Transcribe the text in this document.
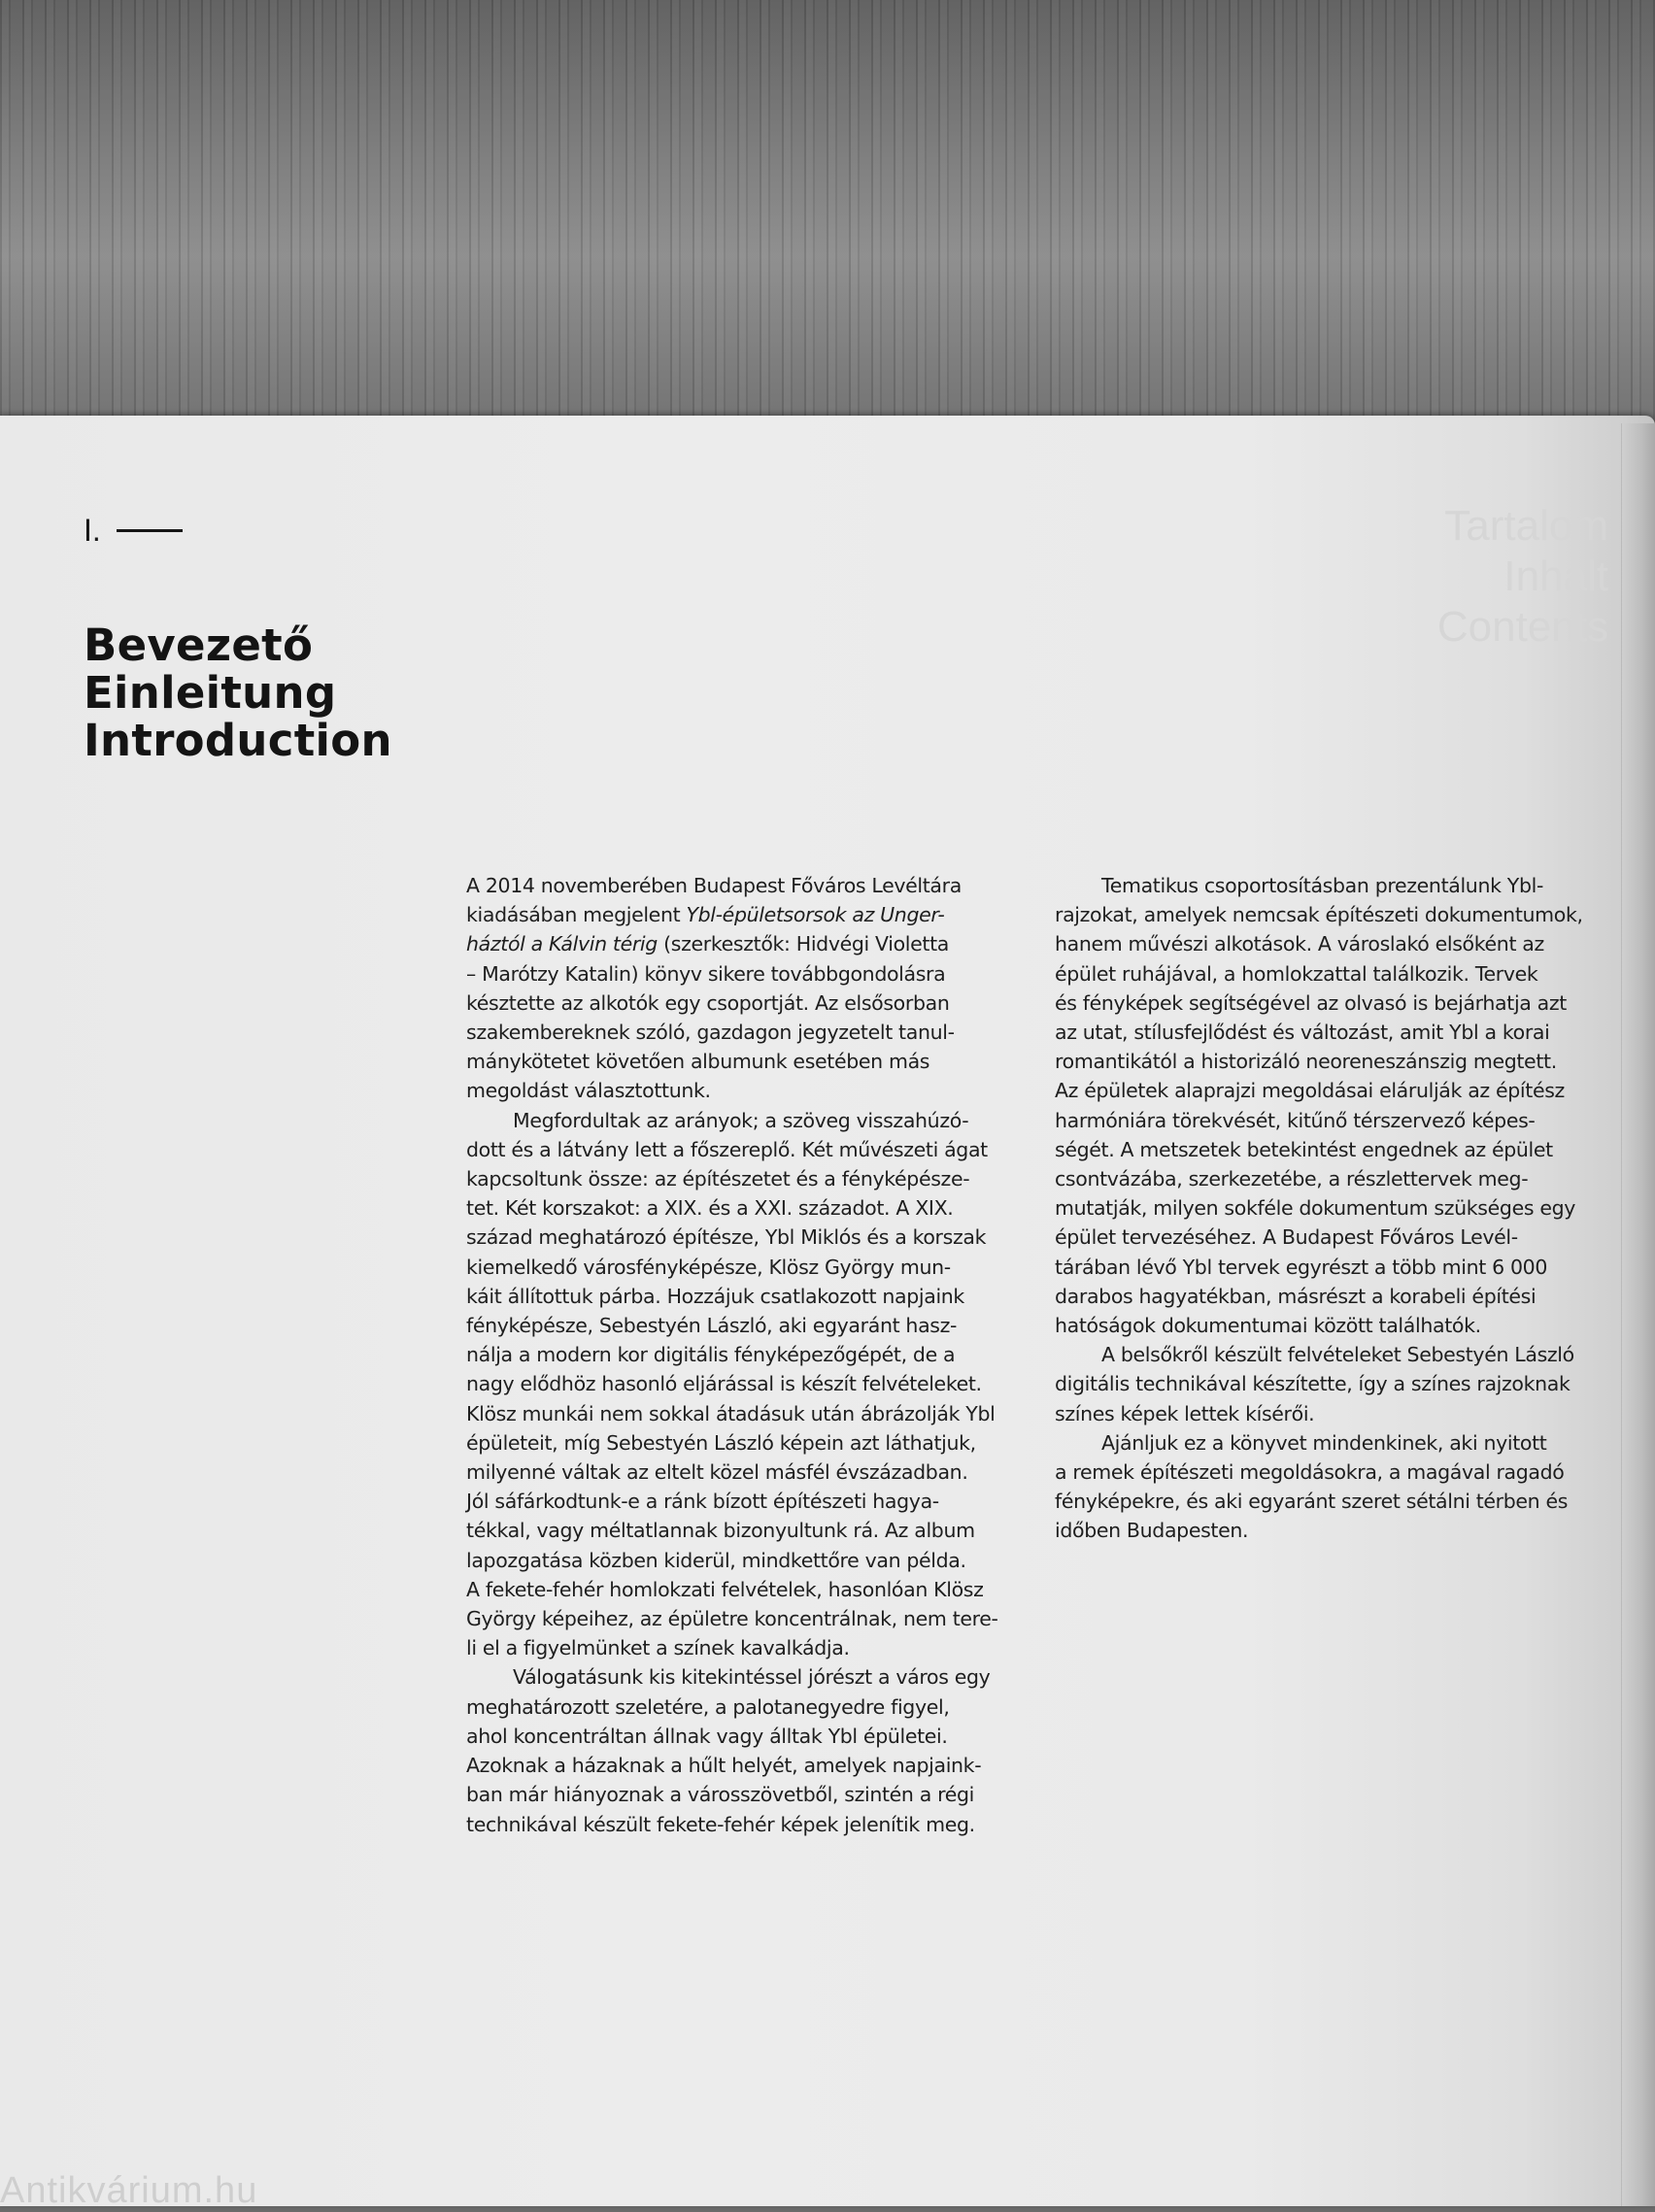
Tartalom
Inhalt
Contents
I.
Bevezető
Einleitung
Introduction

A 2014 novemberében Budapest Főváros Levéltára
kiadásában megjelent Ybl-épületsorsok az Unger-
háztól a Kálvin térig (szerkesztők: Hidvégi Violetta
– Marótzy Katalin) könyv sikere továbbgondolásra
késztette az alkotók egy csoportját. Az elsősorban
szakembereknek szóló, gazdagon jegyzetelt tanul-
mánykötetet követően albumunk esetében más
megoldást választottunk.

Megfordultak az arányok; a szöveg visszahúzó-
dott és a látvány lett a főszereplő. Két művészeti ágat
kapcsoltunk össze: az építészetet és a fényképésze-
tet. Két korszakot: a XIX. és a XXI. századot. A XIX.
század meghatározó építésze, Ybl Miklós és a korszak
kiemelkedő városfényképésze, Klösz György mun-
káit állítottuk párba. Hozzájuk csatlakozott napjaink
fényképésze, Sebestyén László, aki egyaránt hasz-
nálja a modern kor digitális fényképezőgépét, de a
nagy elődhöz hasonló eljárással is készít felvételeket.
Klösz munkái nem sokkal átadásuk után ábrázolják Ybl
épületeit, míg Sebestyén László képein azt láthatjuk,
milyenné váltak az eltelt közel másfél évszázadban.
Jól sáfárkodtunk-e a ránk bízott építészeti hagya-
tékkal, vagy méltatlannak bizonyultunk rá. Az album
lapozgatása közben kiderül, mindkettőre van példa.
A fekete-fehér homlokzati felvételek, hasonlóan Klösz
György képeihez, az épületre koncentrálnak, nem tere-
li el a figyelmünket a színek kavalkádja.

Válogatásunk kis kitekintéssel jórészt a város egy
meghatározott szeletére, a palotanegyedre figyel,
ahol koncentráltan állnak vagy álltak Ybl épületei.
Azoknak a házaknak a hűlt helyét, amelyek napjaink-
ban már hiányoznak a városszövetből, szintén a régi
technikával készült fekete-fehér képek jelenítik meg.

Tematikus csoportosításban prezentálunk Ybl-
rajzokat, amelyek nemcsak építészeti dokumentumok,
hanem művészi alkotások. A városlakó elsőként az
épület ruhájával, a homlokzattal találkozik. Tervek
és fényképek segítségével az olvasó is bejárhatja azt
az utat, stílusfejlődést és változást, amit Ybl a korai
romantikától a historizáló neoreneszánszig megtett.
Az épületek alaprajzi megoldásai elárulják az építész
harmóniára törekvését, kitűnő térszervező képes-
ségét. A metszetek betekintést engednek az épület
csontvázába, szerkezetébe, a részlettervek meg-
mutatják, milyen sokféle dokumentum szükséges egy
épület tervezéséhez. A Budapest Főváros Levél-
tárában lévő Ybl tervek egyrészt a több mint 6 000
darabos hagyatékban, másrészt a korabeli építési
hatóságok dokumentumai között találhatók.

A belsőkről készült felvételeket Sebestyén László
digitális technikával készítette, így a színes rajzoknak
színes képek lettek kísérői.

Ajánljuk ez a könyvet mindenkinek, aki nyitott
a remek építészeti megoldásokra, a magával ragadó
fényképekre, és aki egyaránt szeret sétálni térben és
időben Budapesten.

Antikvárium.hu
